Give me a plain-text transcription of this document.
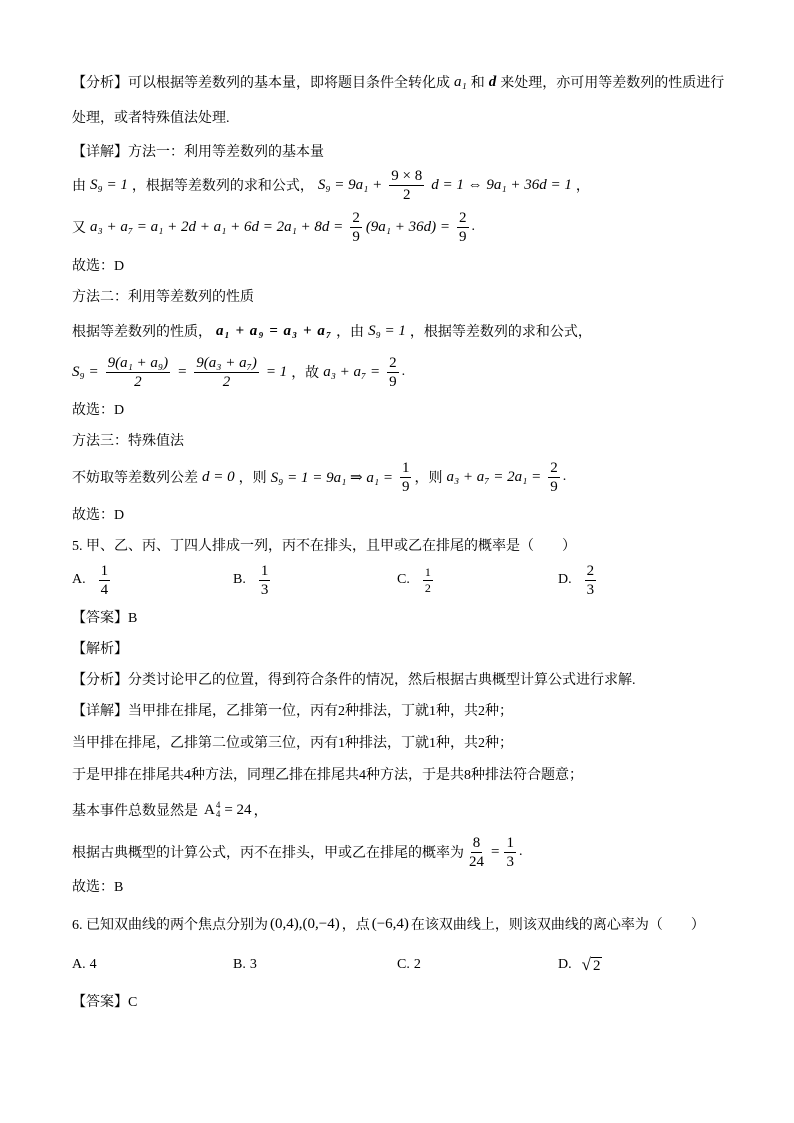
【分析】可以根据等差数列的基本量，即将题目条件全转化成 a₁ 和 d 来处理，亦可用等差数列的性质进行
处理，或者特殊值法处理.
【详解】方法一：利用等差数列的基本量
由 S₉ = 1 ，根据等差数列的求和公式， $S_9 = 9a_1 + \frac{9 \times 8}{2}$ d = 1 ⇔ 9a₁ + 36d = 1 ，
又 $a_3 + a_7 = a_1 + 2d + a_1 + 6d = 2a_1 + 8d = \frac{2}{9} (9a_1 + 36d) = \frac{2}{9}$ .
故选：D
方法二：利用等差数列的性质
根据等差数列的性质， a₁ + a₉ = a₃ + a₇ ，由 S₉ = 1 ，根据等差数列的求和公式，
$S_9 = \frac{\text{9(a₁ + a₉)}}{2} = \frac{\text{9(a₃ + a₇)}}{2} = 1$ ，故 $a_3 + a_7 = \frac{2}{9}$ .
故选：D
方法三：特殊值法
不妨取等差数列公差 d = 0 ，则 S₉ = 1 = 9a₁ ⇒ $a_1 = \frac{1}{9}$ ，则 $a_3 + a_7 = 2a_1 = \frac{2}{9}$ .
故选：D
5. 甲、乙、丙、丁四人排成一列，丙不在排头，且甲或乙在排尾的概率是（　　）
A. $\frac{1}{4}$	B. $\frac{1}{3}$	C. $\frac{1}{2}$	D. $\frac{2}{3}$
【答案】B
【解析】
【分析】分类讨论甲乙的位置，得到符合条件的情况，然后根据古典概型计算公式进行求解.
【详解】当甲排在排尾，乙排第一位，丙有2种排法，丁就1种，共2种；
当甲排在排尾，乙排第二位或第三位，丙有1种排法，丁就1种，共2种；
于是甲排在排尾共4种方法，同理乙排在排尾共4种方法，于是共8种排法符合题意；
基本事件总数显然是 A 4
4 = 24 ，
根据古典概型的计算公式，丙不在排头，甲或乙在排尾的概率为 $\frac{8}{24} = \frac{1}{3}$ .
故选：B
6. 已知双曲线的两个焦点分别为 (0,4),(0,−4) ，点 (−6,4) 在该双曲线上，则该双曲线的离心率为（　　）
A. 4	B. 3	C. 2	D. √ 2
【答案】C
